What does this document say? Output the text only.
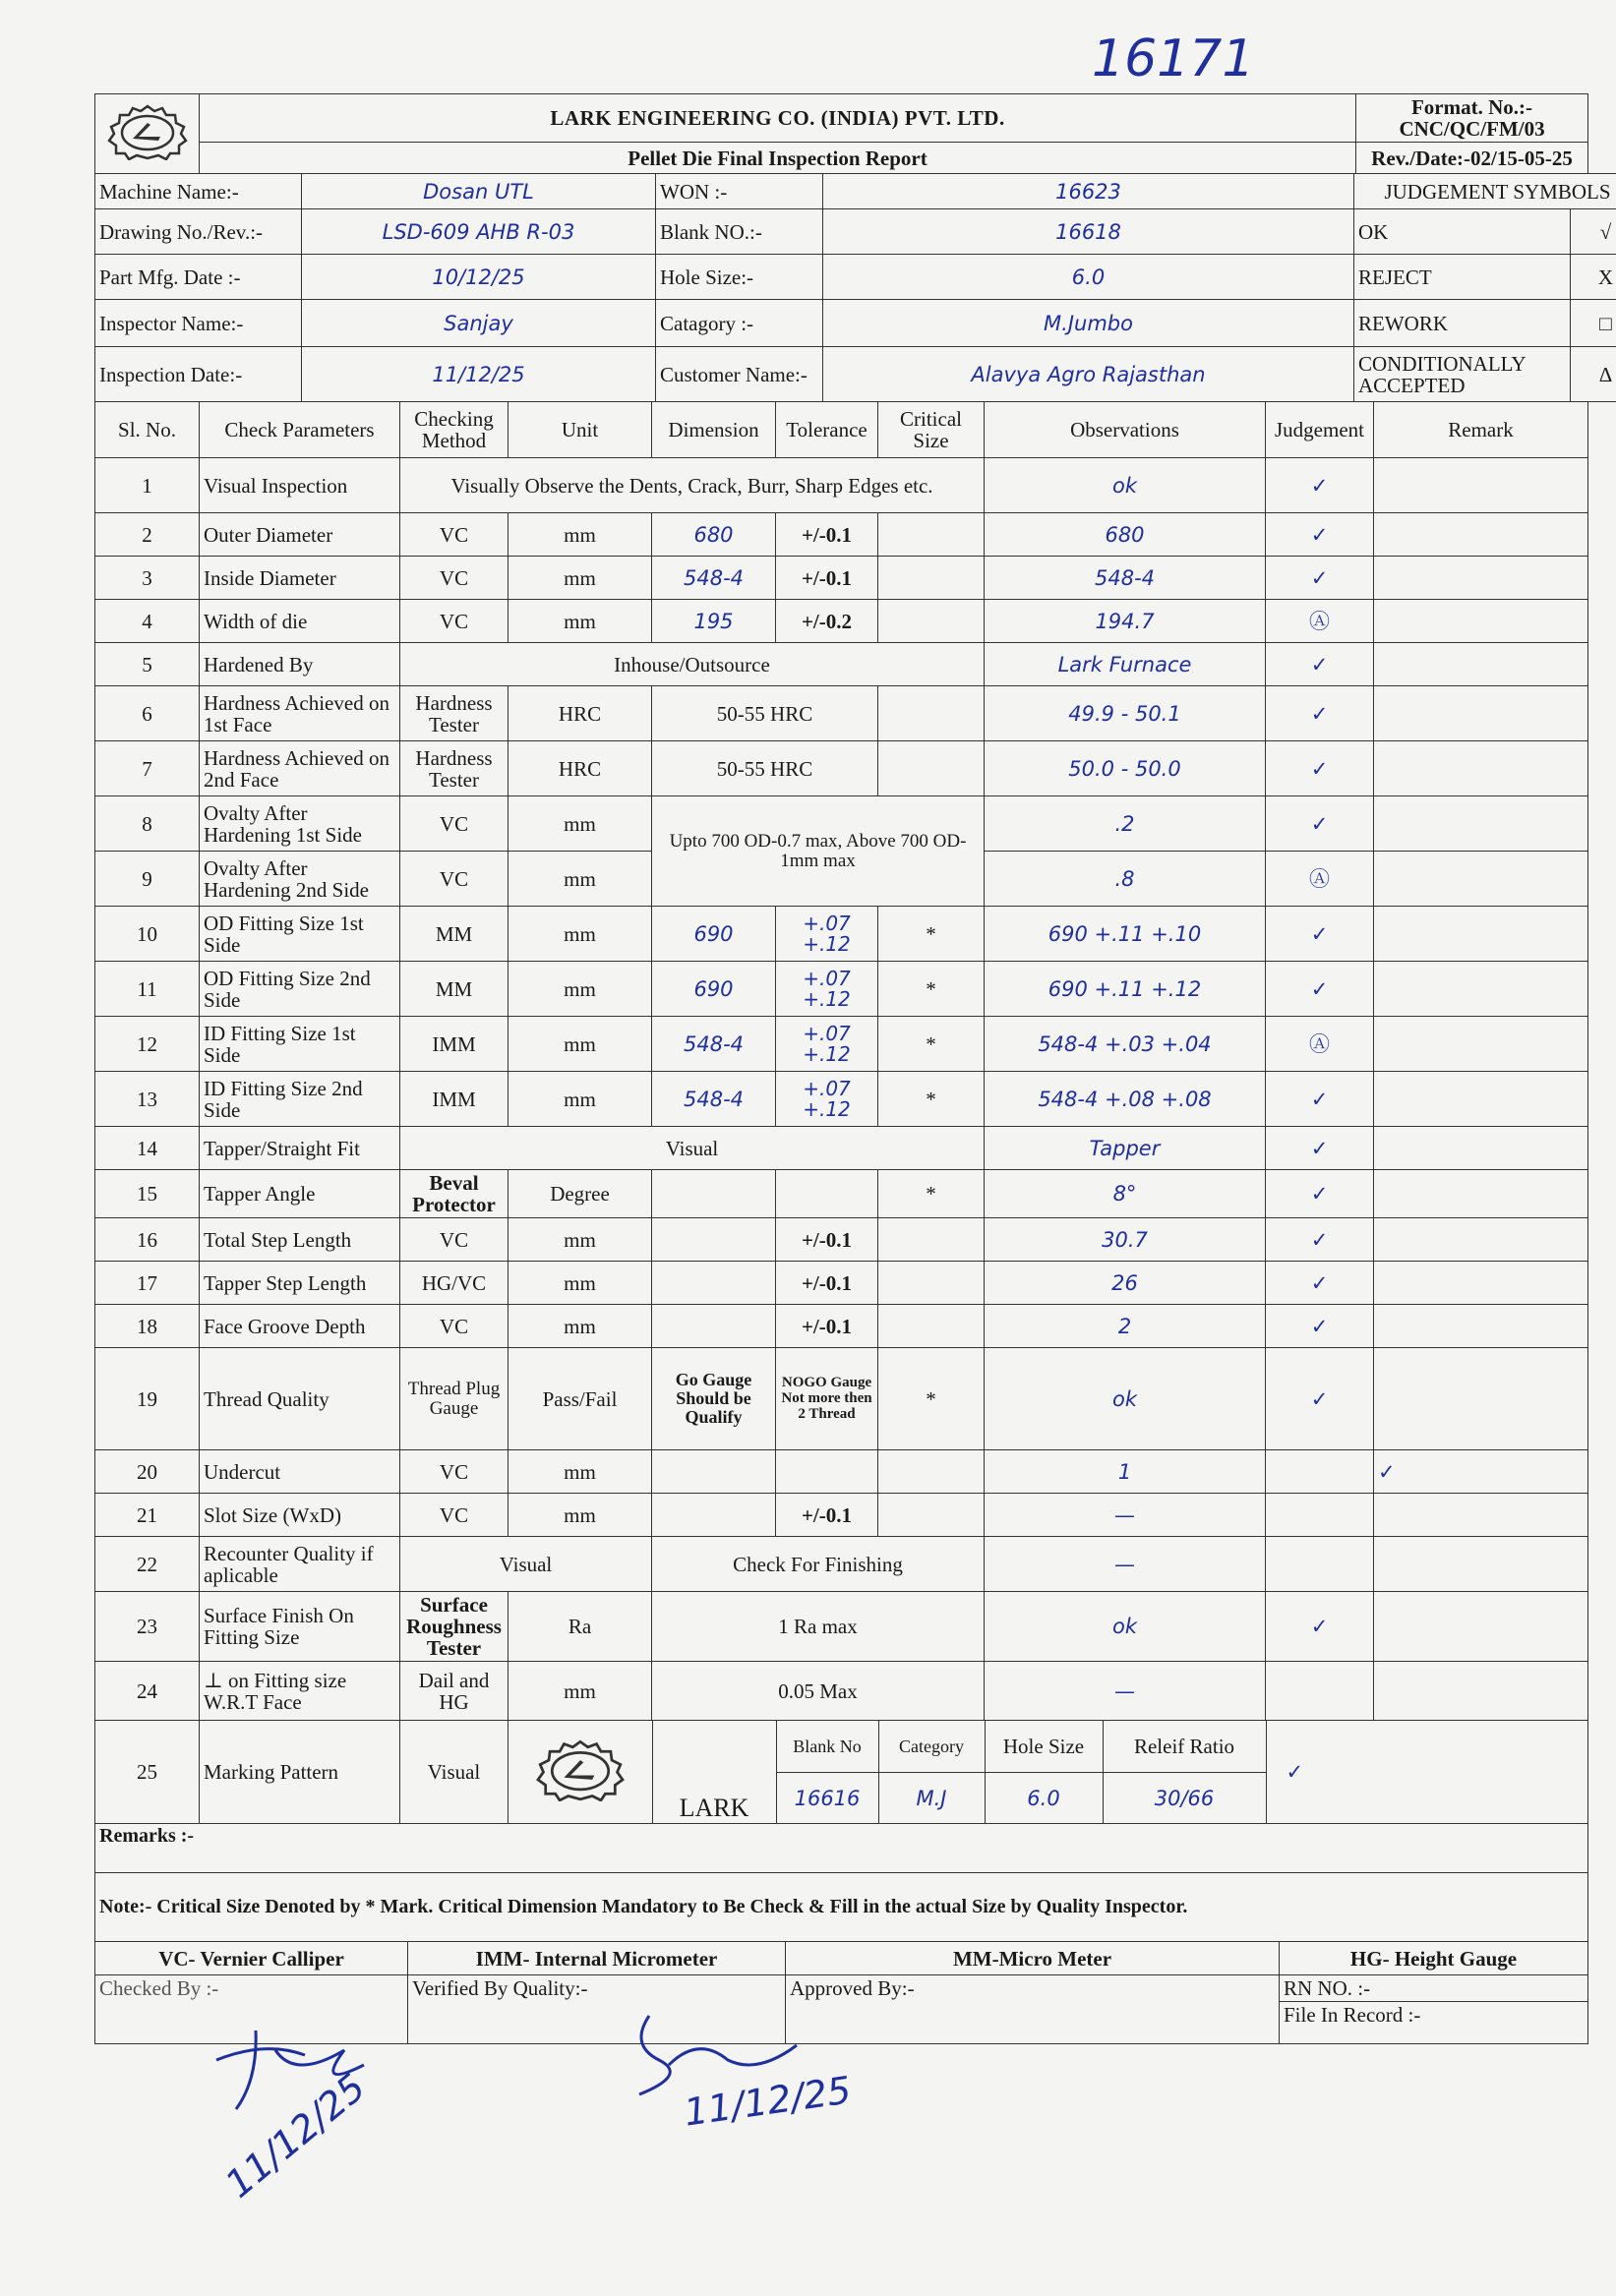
16171
	LARK ENGINEERING CO. (INDIA) PVT. LTD.	Format. No.:-CNC/QC/FM/03
	Pellet Die Final Inspection Report	Rev./Date:-02/15-05-25
Machine Name:-	Dosan UTL	WON :-	16623	JUDGEMENT SYMBOLS	
Drawing No./Rev.:-	LSD-609 AHB R-03	Blank NO.:-	16618	OK	√
Part Mfg. Date :-	10/12/25	Hole Size:-	6.0	REJECT	X
Inspector Name:-	Sanjay	Catagory :-	M.Jumbo	REWORK	□
Inspection Date:-	11/12/25	Customer Name:-	Alavya Agro Rajasthan	CONDITIONALLY ACCEPTED	Δ
Sl. No.	Check Parameters	Checking Method	Unit	Dimension	Tolerance	Critical Size	Observations	Judgement	Remark
1	Visual Inspection	Visually Observe the Dents, Crack, Burr, Sharp Edges etc.	ok	✓	
2	Outer Diameter	VC	mm	680	+/-0.1		680	✓	
3	Inside Diameter	VC	mm	548-4	+/-0.1		548-4	✓	
4	Width of die	VC	mm	195	+/-0.2		194.7	Ⓐ	
5	Hardened By	Inhouse/Outsource	Lark Furnace	✓	
6	Hardness Achieved on 1st Face	Hardness Tester	HRC	50-55 HRC		49.9 - 50.1	✓	
7	Hardness Achieved on 2nd Face	Hardness Tester	HRC	50-55 HRC		50.0 - 50.0	✓	
8	Ovalty After Hardening 1st Side	VC	mm	Upto 700 OD-0.7 max, Above 700 OD-1mm max	.2	✓	
9	Ovalty After Hardening 2nd Side	VC	mm	.8	Ⓐ	
10	OD Fitting Size 1st Side	MM	mm	690	+.07 +.12	*	690 +.11 +.10	✓	
11	OD Fitting Size 2nd Side	MM	mm	690	+.07 +.12	*	690 +.11 +.12	✓	
12	ID Fitting Size 1st Side	IMM	mm	548-4	+.07 +.12	*	548-4 +.03 +.04	Ⓐ	
13	ID Fitting Size 2nd Side	IMM	mm	548-4	+.07 +.12	*	548-4 +.08 +.08	✓	
14	Tapper/Straight Fit	Visual	Tapper	✓	
15	Tapper Angle	Beval Protector	Degree			*	8°	✓	
16	Total Step Length	VC	mm		+/-0.1		30.7	✓	
17	Tapper Step Length	HG/VC	mm		+/-0.1		26	✓	
18	Face Groove Depth	VC	mm		+/-0.1		2	✓	
19	Thread Quality	Thread Plug Gauge	Pass/Fail	Go Gauge Should be Qualify	NOGO Gauge Not more then 2 Thread	*	ok	✓	
20	Undercut	VC	mm				1		✓
21	Slot Size (WxD)	VC	mm		+/-0.1		—		
22	Recounter Quality if aplicable	Visual	Check For Finishing	—		
23	Surface Finish On Fitting Size	Surface Roughness Tester	Ra	1 Ra max	ok	✓	
24	⊥ on Fitting size W.R.T Face	Dail and HG	mm	0.05 Max	—		
25	Marking Pattern	Visual	
	LARK	Blank No	Category	Hole Size	Releif Ratio	✓
16616	M.J	6.0	30/66
Remarks :-			
Note:- Critical Size Denoted by * Mark. Critical Dimension Mandatory to Be Check & Fill in the actual Size by Quality Inspector.			
VC- Vernier Calliper	IMM- Internal Micrometer	MM-Micro Meter	HG- Height Gauge
Checked By :-	Verified By Quality:-	Approved By:-	RN NO. :-
File In Record :-
11/12/25	11/12/25
